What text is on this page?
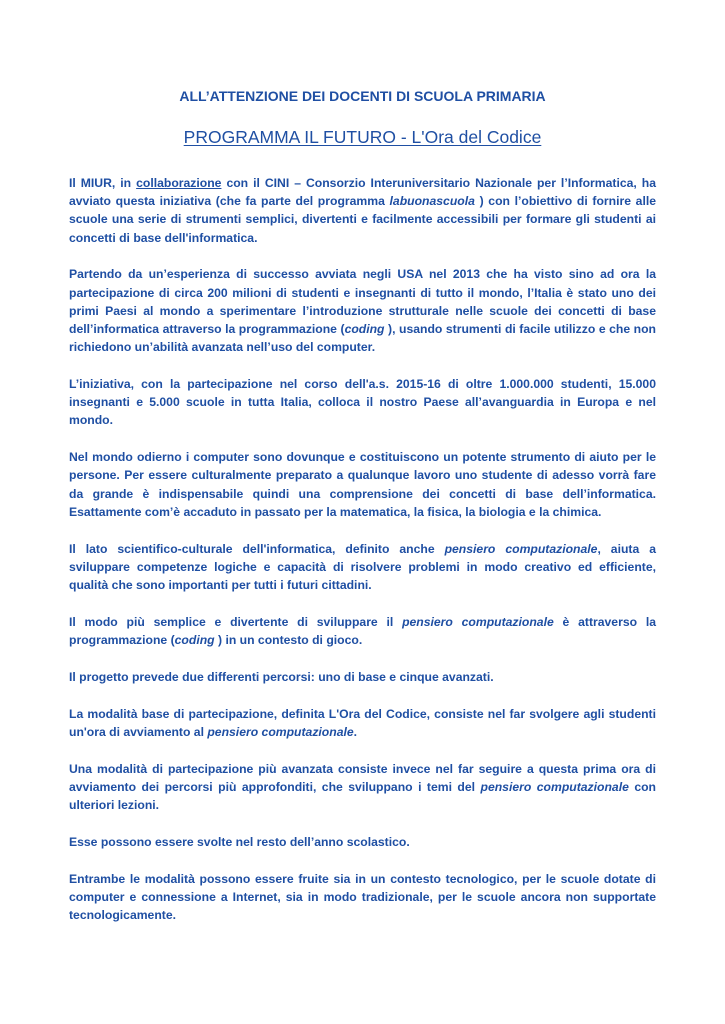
ALL’ATTENZIONE DEI DOCENTI DI SCUOLA PRIMARIA
PROGRAMMA IL FUTURO - L'Ora del Codice

Il MIUR, in collaborazione con il CINI – Consorzio Interuniversitario Nazionale per l’Informatica, ha avviato questa iniziativa (che fa parte del programma labuonascuola ) con l’obiettivo di fornire alle scuole una serie di strumenti semplici, divertenti e facilmente accessibili per formare gli studenti ai concetti di base dell'informatica.

Partendo da un’esperienza di successo avviata negli USA nel 2013 che ha visto sino ad ora la partecipazione di circa 200 milioni di studenti e insegnanti di tutto il mondo, l’Italia è stato uno dei primi Paesi al mondo a sperimentare l’introduzione strutturale nelle scuole dei concetti di base dell’informatica attraverso la programmazione (coding ), usando strumenti di facile utilizzo e che non richiedono un’abilità avanzata nell’uso del computer.

L’iniziativa, con la partecipazione nel corso dell'a.s. 2015-16 di oltre 1.000.000 studenti, 15.000 insegnanti e 5.000 scuole in tutta Italia, colloca il nostro Paese all’avanguardia in Europa e nel mondo.

Nel mondo odierno i computer sono dovunque e costituiscono un potente strumento di aiuto per le persone. Per essere culturalmente preparato a qualunque lavoro uno studente di adesso vorrà fare da grande è indispensabile quindi una comprensione dei concetti di base dell’informatica. Esattamente com’è accaduto in passato per la matematica, la fisica, la biologia e la chimica.

Il lato scientifico-culturale dell'informatica, definito anche pensiero computazionale, aiuta a sviluppare competenze logiche e capacità di risolvere problemi in modo creativo ed efficiente, qualità che sono importanti per tutti i futuri cittadini.

Il modo più semplice e divertente di sviluppare il pensiero computazionale è attraverso la programmazione (coding ) in un contesto di gioco.

Il progetto prevede due differenti percorsi: uno di base e cinque avanzati.

La modalità base di partecipazione, definita L'Ora del Codice, consiste nel far svolgere agli studenti un'ora di avviamento al pensiero computazionale.

Una modalità di partecipazione più avanzata consiste invece nel far seguire a questa prima ora di avviamento dei percorsi più approfonditi, che sviluppano i temi del pensiero computazionale con ulteriori lezioni.

Esse possono essere svolte nel resto dell’anno scolastico.

Entrambe le modalità possono essere fruite sia in un contesto tecnologico, per le scuole dotate di computer e connessione a Internet, sia in modo tradizionale, per le scuole ancora non supportate tecnologicamente.
